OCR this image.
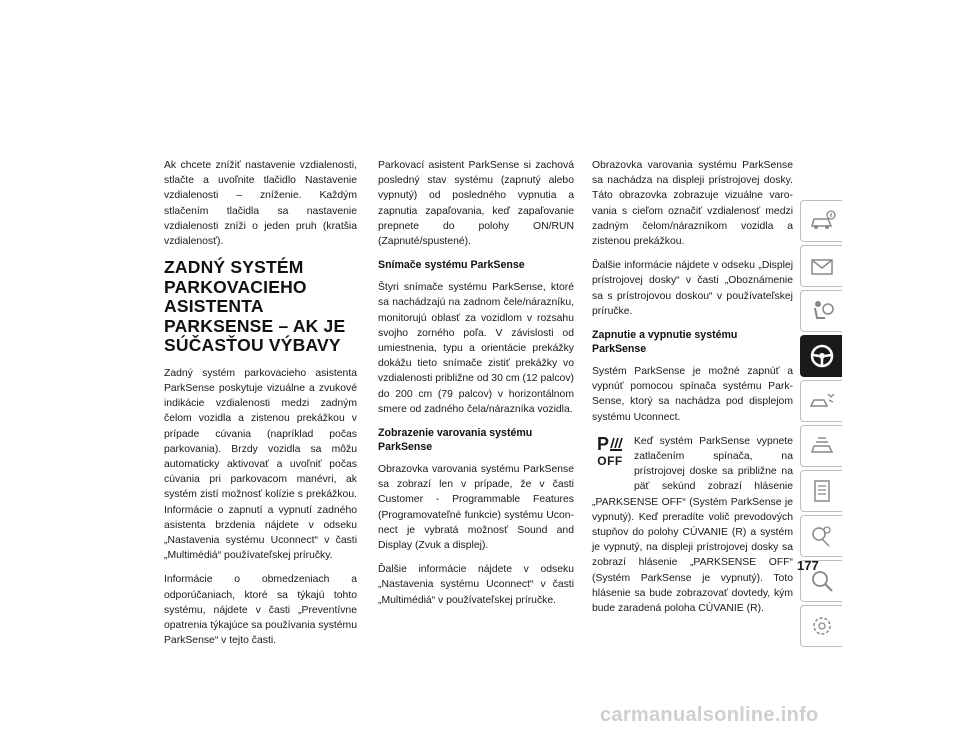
Ak chcete znížiť nastavenie vzdialenosti, stlačte a uvoľnite tlačidlo Nastavenie vzdialenosti – zníženie. Každým stlačením tlačidla sa nastavenie vzdialenosti zníži o jeden pruh (kratšia vzdialenosť).

ZADNÝ SYSTÉM PARKOVACIEHO ASISTENTA PARKSENSE – AK JE SÚČASŤOU VÝBAVY

Zadný systém parkovacieho asistenta ParkSense poskytuje vizuálne a zvukové indikácie vzdialenosti medzi zadným čelom vozidla a zistenou prekážkou v prípade cúvania (napríklad počas parkovania). Brzdy vozidla sa môžu automaticky aktivovať a uvoľniť počas cúvania pri parkovacom manévri, ak systém zistí možnosť kolízie s prekážkou. Informácie o zapnutí a vypnutí zadného asistenta brzdenia nájdete v odseku „Nastavenia systému Uconnect“ v časti „Multimédiá“ používateľskej príručky.

Informácie o obmedzeniach a odporúčaniach, ktoré sa týkajú tohto systému, nájdete v časti „Preventívne opatrenia týkajúce sa používania systému ParkSense“ v tejto časti.

Parkovací asistent ParkSense si zachová posledný stav systému (zapnutý alebo vypnutý) od posledného vypnutia a zapnutia zapaľovania, keď zapaľovanie prepnete do polohy ON/RUN (Zapnuté/spustené).

Snímače systému ParkSense

Štyri snímače systému ParkSense, ktoré sa nachádzajú na zadnom čele/nárazníku, monitorujú oblasť za vozidlom v rozsahu svojho zorného poľa. V závislosti od umiestnenia, typu a orientácie prekážky dokážu tieto snímače zistiť prekážky vo vzdialenosti približne od 30 cm (12 palcov) do 200 cm (79 palcov) v horizontálnom smere od zadného čela/nárazníka vozidla.

Zobrazenie varovania systému ParkSense

Obrazovka varovania systému ParkSense sa zobrazí len v prípade, že v časti Customer - Programmable Features (Programovateľné funkcie) systému Uconnect je vybratá možnosť Sound and Display (Zvuk a displej).

Ďalšie informácie nájdete v odseku „Nastavenia systému Uconnect“ v časti „Multimédiá“ v používateľskej príručke.

Obrazovka varovania systému ParkSense sa nachádza na displeji prístrojovej dosky. Táto obrazovka zobrazuje vizuálne varovania s cieľom označiť vzdialenosť medzi zadným čelom/nárazníkom vozidla a zistenou prekážkou.

Ďalšie informácie nájdete v odseku „Displej prístrojovej dosky“ v časti „Oboznámenie sa s prístrojovou doskou“ v používateľskej príručke.

Zapnutie a vypnutie systému ParkSense

Systém ParkSense je možné zapnúť a vypnúť pomocou spínača systému ParkSense, ktorý sa nachádza pod displejom systému Uconnect.

P
OFF

Keď systém ParkSense vypnete zatlačením spínača, na prístrojovej doske sa približne na päť sekúnd zobrazí hlásenie „PARKSENSE OFF“ (Systém ParkSense je vypnutý). Keď preradíte volič prevodových stupňov do polohy CÚVANIE (R) a systém je vypnutý, na displeji prístrojovej dosky sa zobrazí hlásenie „PARKSENSE OFF“ (Systém ParkSense je vypnutý). Toto hlásenie sa bude zobrazovať dovtedy, kým bude zaradená poloha CÚVANIE (R).

177
carmanualsonline.info
